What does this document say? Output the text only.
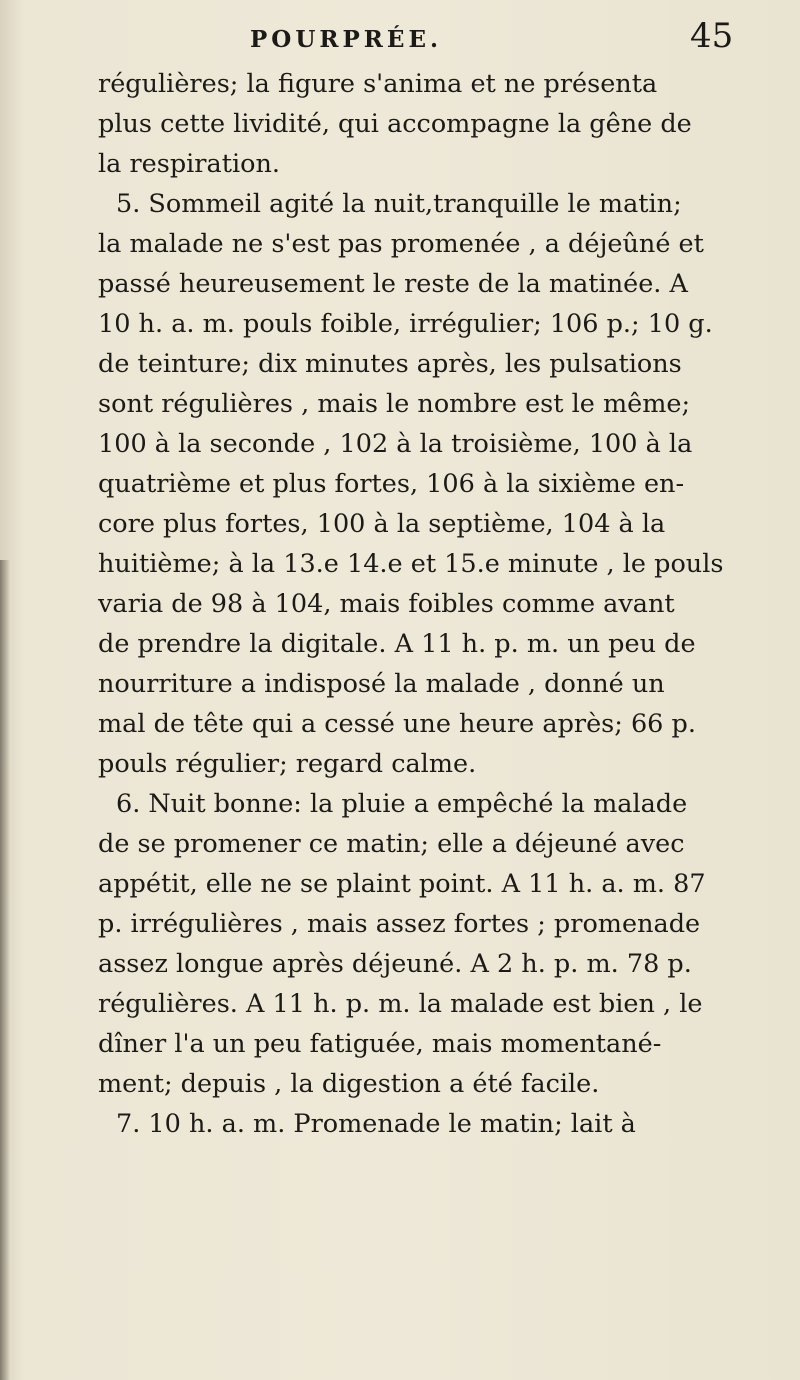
POURPRÉE.	45
régulières; la figure s'anima et ne présenta
plus cette lividité, qui accompagne la gêne de
la respiration.
5. Sommeil agité la nuit,tranquille le matin;
la malade ne s'est pas promenée , a déjeûné et
passé heureusement le reste de la matinée. A
10 h. a. m. pouls foible, irrégulier; 106 p.; 10 g.
de teinture; dix minutes après, les pulsations
sont régulières , mais le nombre est le même;
100 à la seconde , 102 à la troisième, 100 à la
quatrième et plus fortes, 106 à la sixième en-
core plus fortes, 100 à la septième, 104 à la
huitième; à la 13.e 14.e et 15.e minute , le pouls
varia de 98 à 104, mais foibles comme avant
de prendre la digitale. A 11 h. p. m. un peu de
nourriture a indisposé la malade , donné un
mal de tête qui a cessé une heure après; 66 p.
pouls régulier; regard calme.
6. Nuit bonne: la pluie a empêché la malade
de se promener ce matin; elle a déjeuné avec
appétit, elle ne se plaint point. A 11 h. a. m. 87
p. irrégulières , mais assez fortes ; promenade
assez longue après déjeuné. A 2 h. p. m. 78 p.
régulières. A 11 h. p. m. la malade est bien , le
dîner l'a un peu fatiguée, mais momentané-
ment; depuis , la digestion a été facile.
7. 10 h. a. m. Promenade le matin; lait à
